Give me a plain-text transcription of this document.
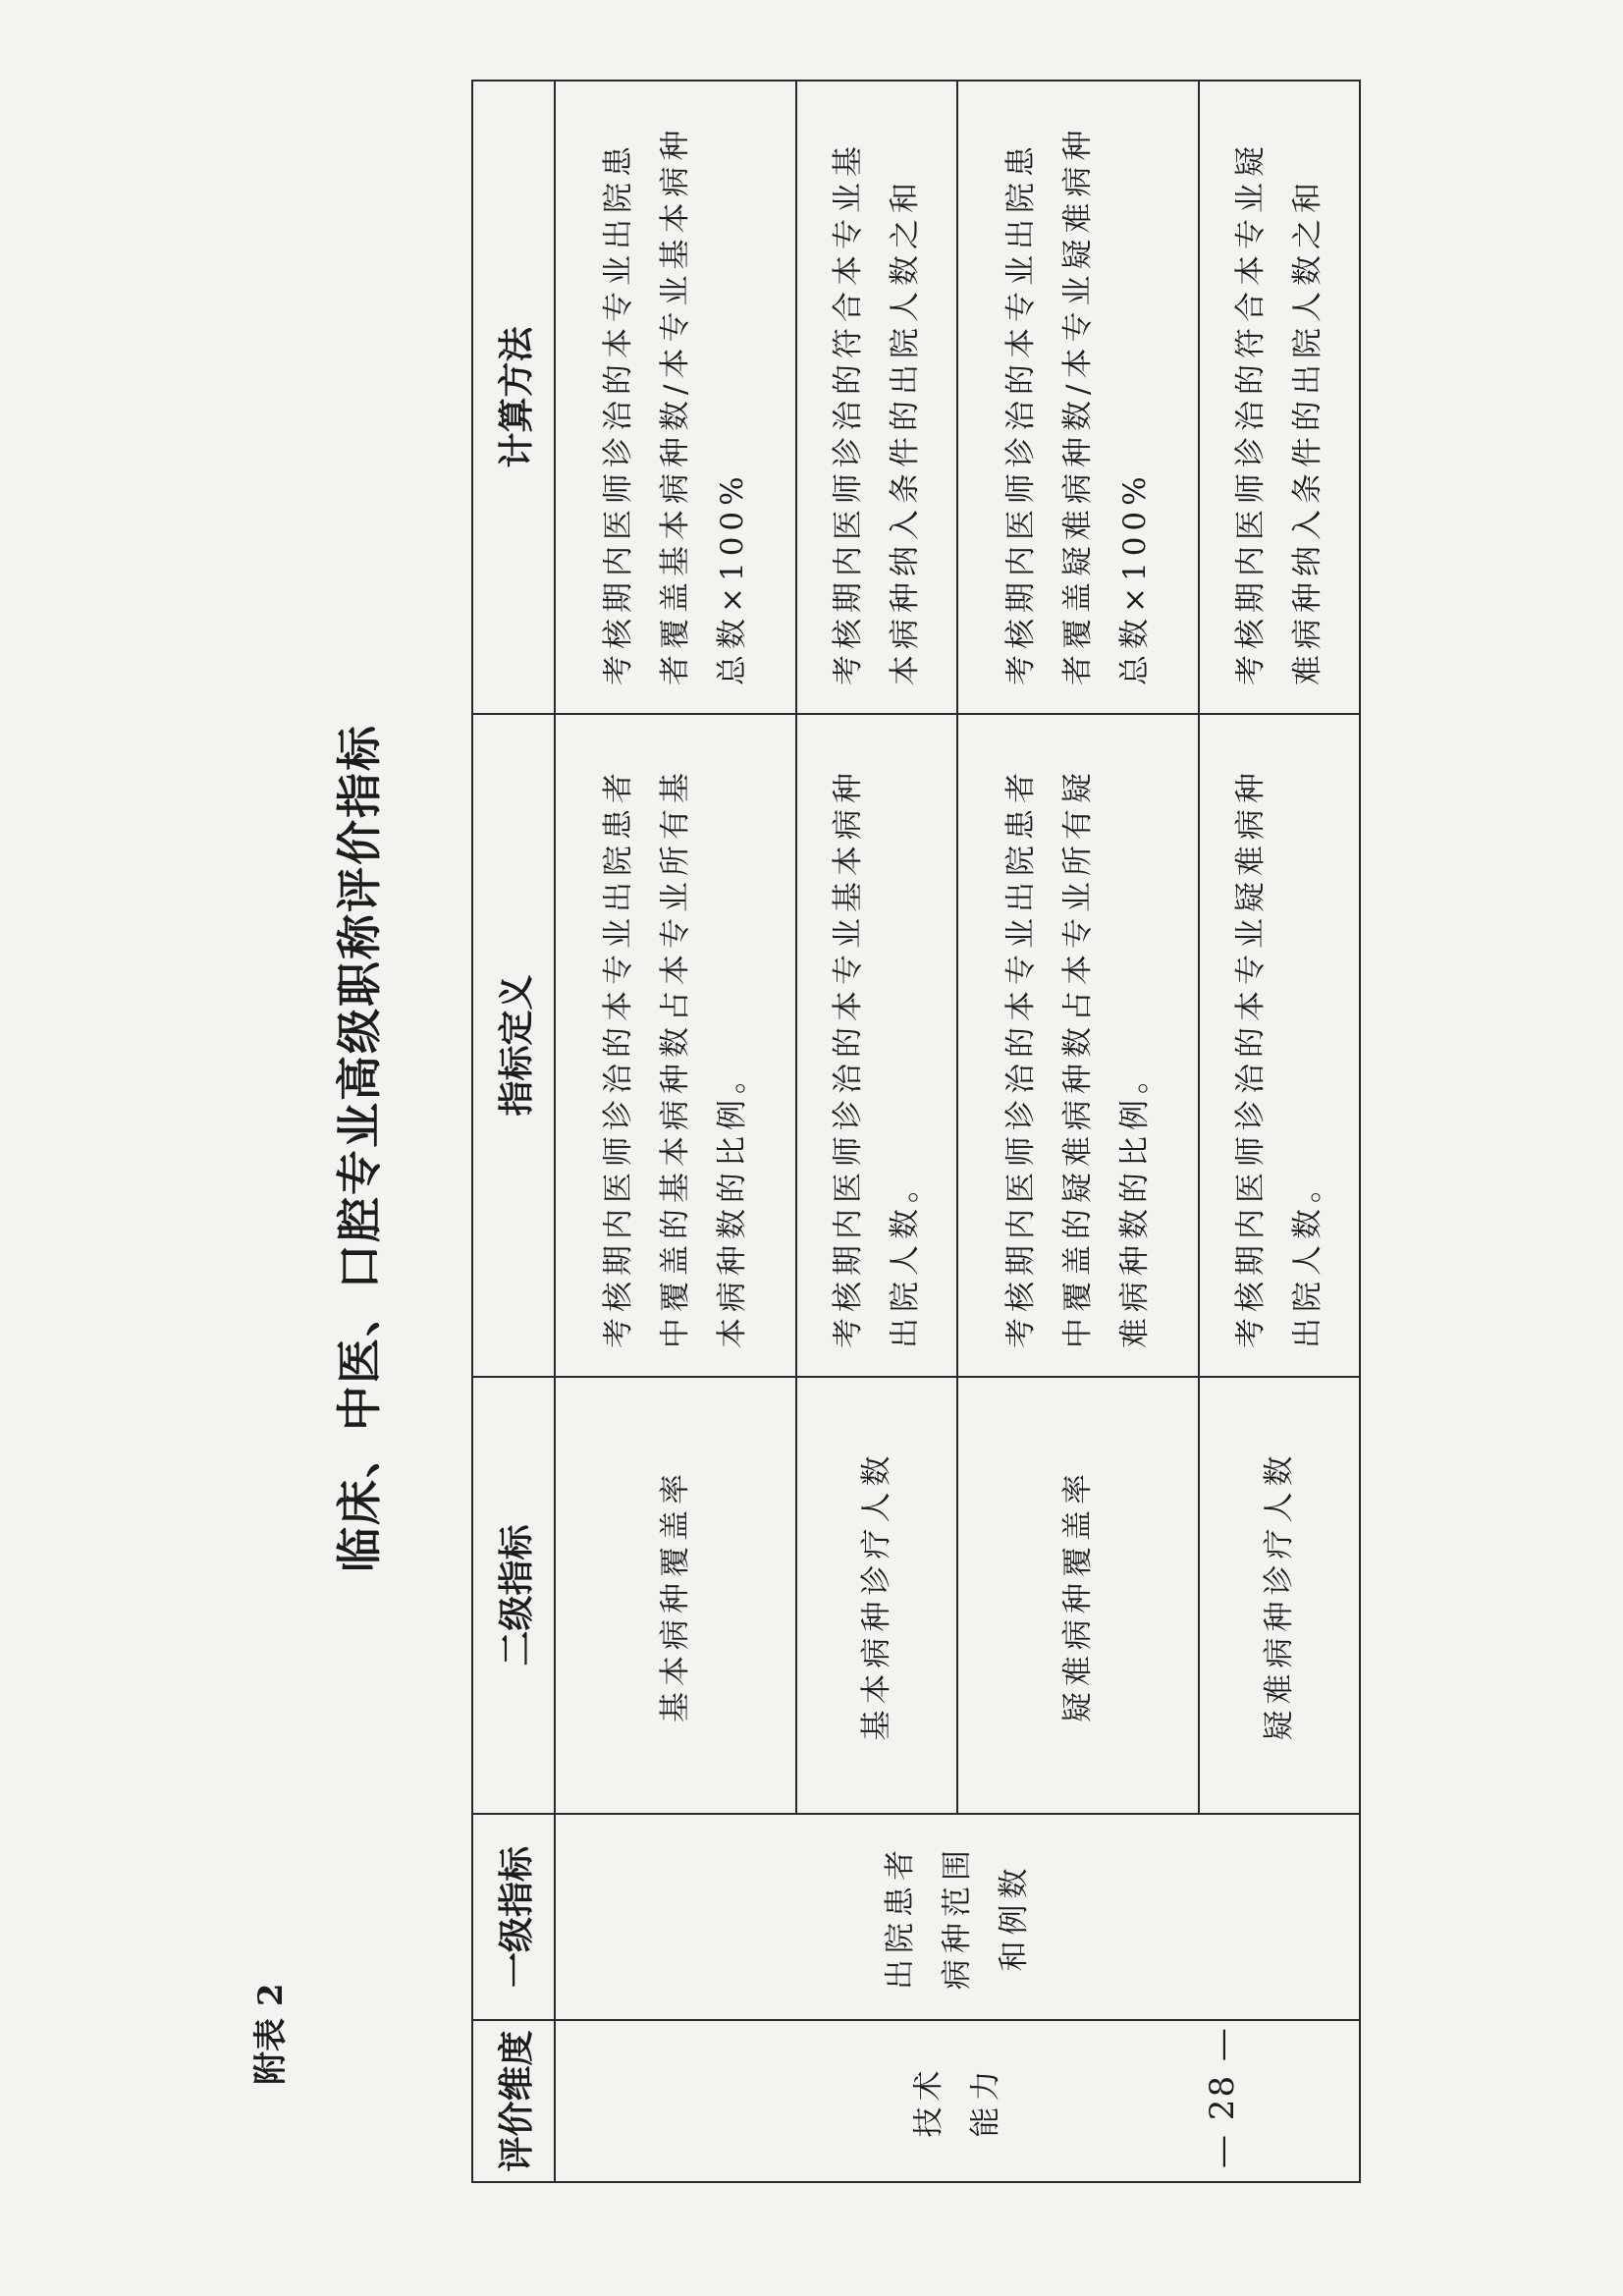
— 28 —
附表 2
临床、中医、口腔专业高级职称评价指标
评价维度	一级指标	二级指标	指标定义	计算方法

技术 能力	出院患者 病种范围 和例数	基本病种覆盖率	考核期内医师诊治的本专业出院患者中覆盖的基本病种数占本专业所有基本病种数的比例。	考核期内医师诊治的本专业出院患者覆盖基本病种数/本专业基本病种总数×100%
		基本病种诊疗人数	考核期内医师诊治的本专业基本病种出院人数。	考核期内医师诊治的符合本专业基本病种纳入条件的出院人数之和
		疑难病种覆盖率	考核期内医师诊治的本专业出院患者中覆盖的疑难病种数占本专业所有疑难病种数的比例。	考核期内医师诊治的本专业出院患者覆盖疑难病种数/本专业疑难病种总数×100%
		疑难病种诊疗人数	考核期内医师诊治的本专业疑难病种出院人数。	考核期内医师诊治的符合本专业疑难病种纳入条件的出院人数之和
